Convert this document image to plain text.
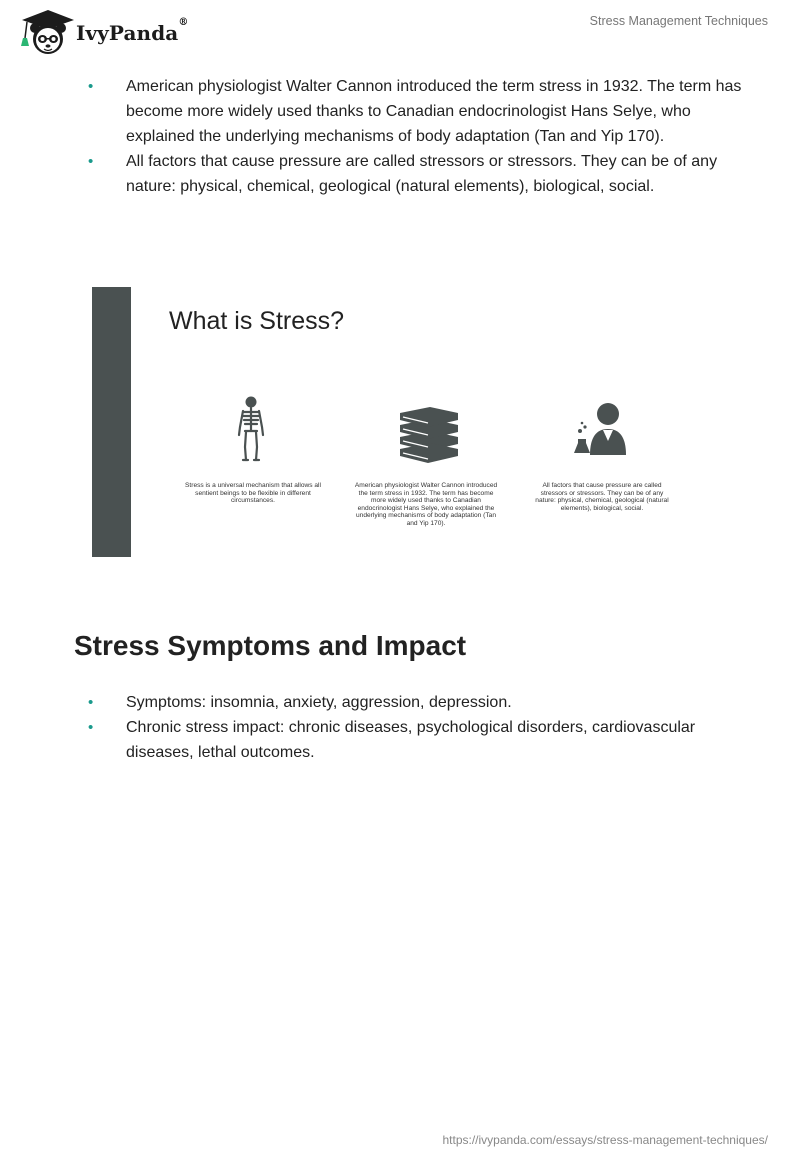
IvyPanda®	Stress Management Techniques
• American physiologist Walter Cannon introduced the term stress in 1932. The term has become more widely used thanks to Canadian endocrinologist Hans Selye, who explained the underlying mechanisms of body adaptation (Tan and Yip 170).
• All factors that cause pressure are called stressors or stressors. They can be of any nature: physical, chemical, geological (natural elements), biological, social.
What is Stress?
Stress is a universal mechanism that allows all sentient beings to be flexible in different circumstances.
American physiologist Walter Cannon introduced the term stress in 1932. The term has become more widely used thanks to Canadian endocrinologist Hans Selye, who explained the underlying mechanisms of body adaptation (Tan and Yip 170).
All factors that cause pressure are called stressors or stressors. They can be of any nature: physical, chemical, geological (natural elements), biological, social.
Stress Symptoms and Impact
• Symptoms: insomnia, anxiety, aggression, depression.
• Chronic stress impact: chronic diseases, psychological disorders, cardiovascular diseases, lethal outcomes.
https://ivypanda.com/essays/stress-management-techniques/
